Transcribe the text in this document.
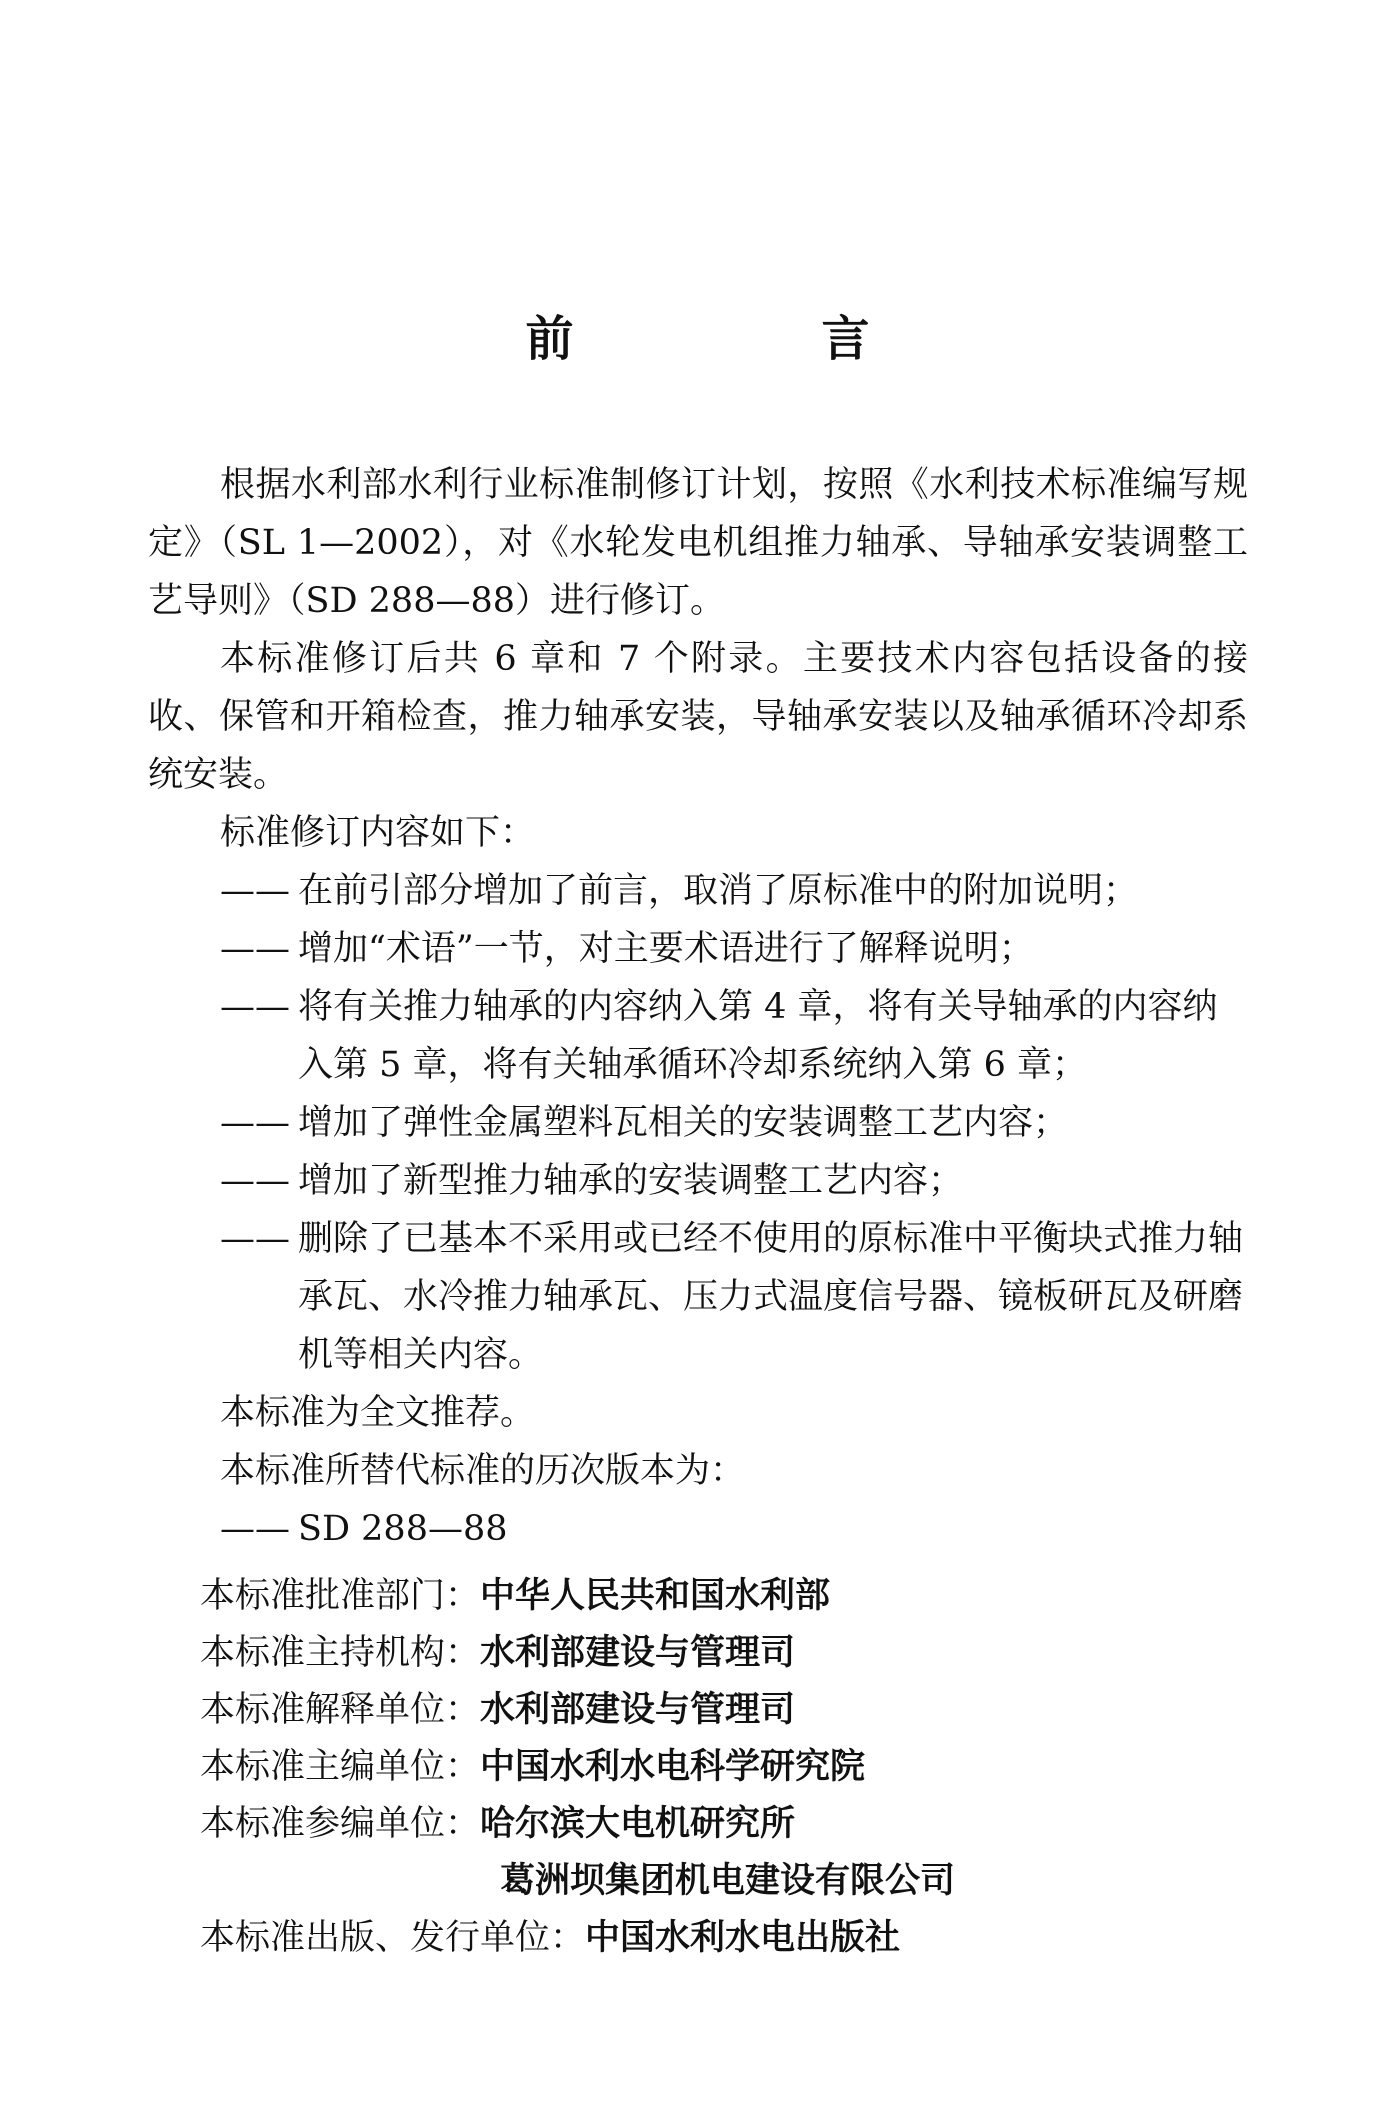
前　言

根据水利部水利行业标准制修订计划，按照《水利技术标准编写规定》（SL 1—2002），对《水轮发电机组推力轴承、导轴承安装调整工艺导则》（SD 288—88）进行修订。

本标准修订后共 6 章和 7 个附录。主要技术内容包括设备的接收、保管和开箱检查，推力轴承安装，导轴承安装以及轴承循环冷却系统安装。

标准修订内容如下：

—— 在前引部分增加了前言，取消了原标准中的附加说明；
—— 增加“术语”一节，对主要术语进行了解释说明；
—— 将有关推力轴承的内容纳入第 4 章，将有关导轴承的内容纳入第 5 章，将有关轴承循环冷却系统纳入第 6 章；
—— 增加了弹性金属塑料瓦相关的安装调整工艺内容；
—— 增加了新型推力轴承的安装调整工艺内容；
—— 删除了已基本不采用或已经不使用的原标准中平衡块式推力轴承瓦、水冷推力轴承瓦、压力式温度信号器、镜板研瓦及研磨机等相关内容。

本标准为全文推荐。

本标准所替代标准的历次版本为：

—— SD 288—88
本标准批准部门：中华人民共和国水利部
本标准主持机构：水利部建设与管理司
本标准解释单位：水利部建设与管理司
本标准主编单位：中国水利水电科学研究院
本标准参编单位：哈尔滨大电机研究所
葛洲坝集团机电建设有限公司
本标准出版、发行单位：中国水利水电出版社
